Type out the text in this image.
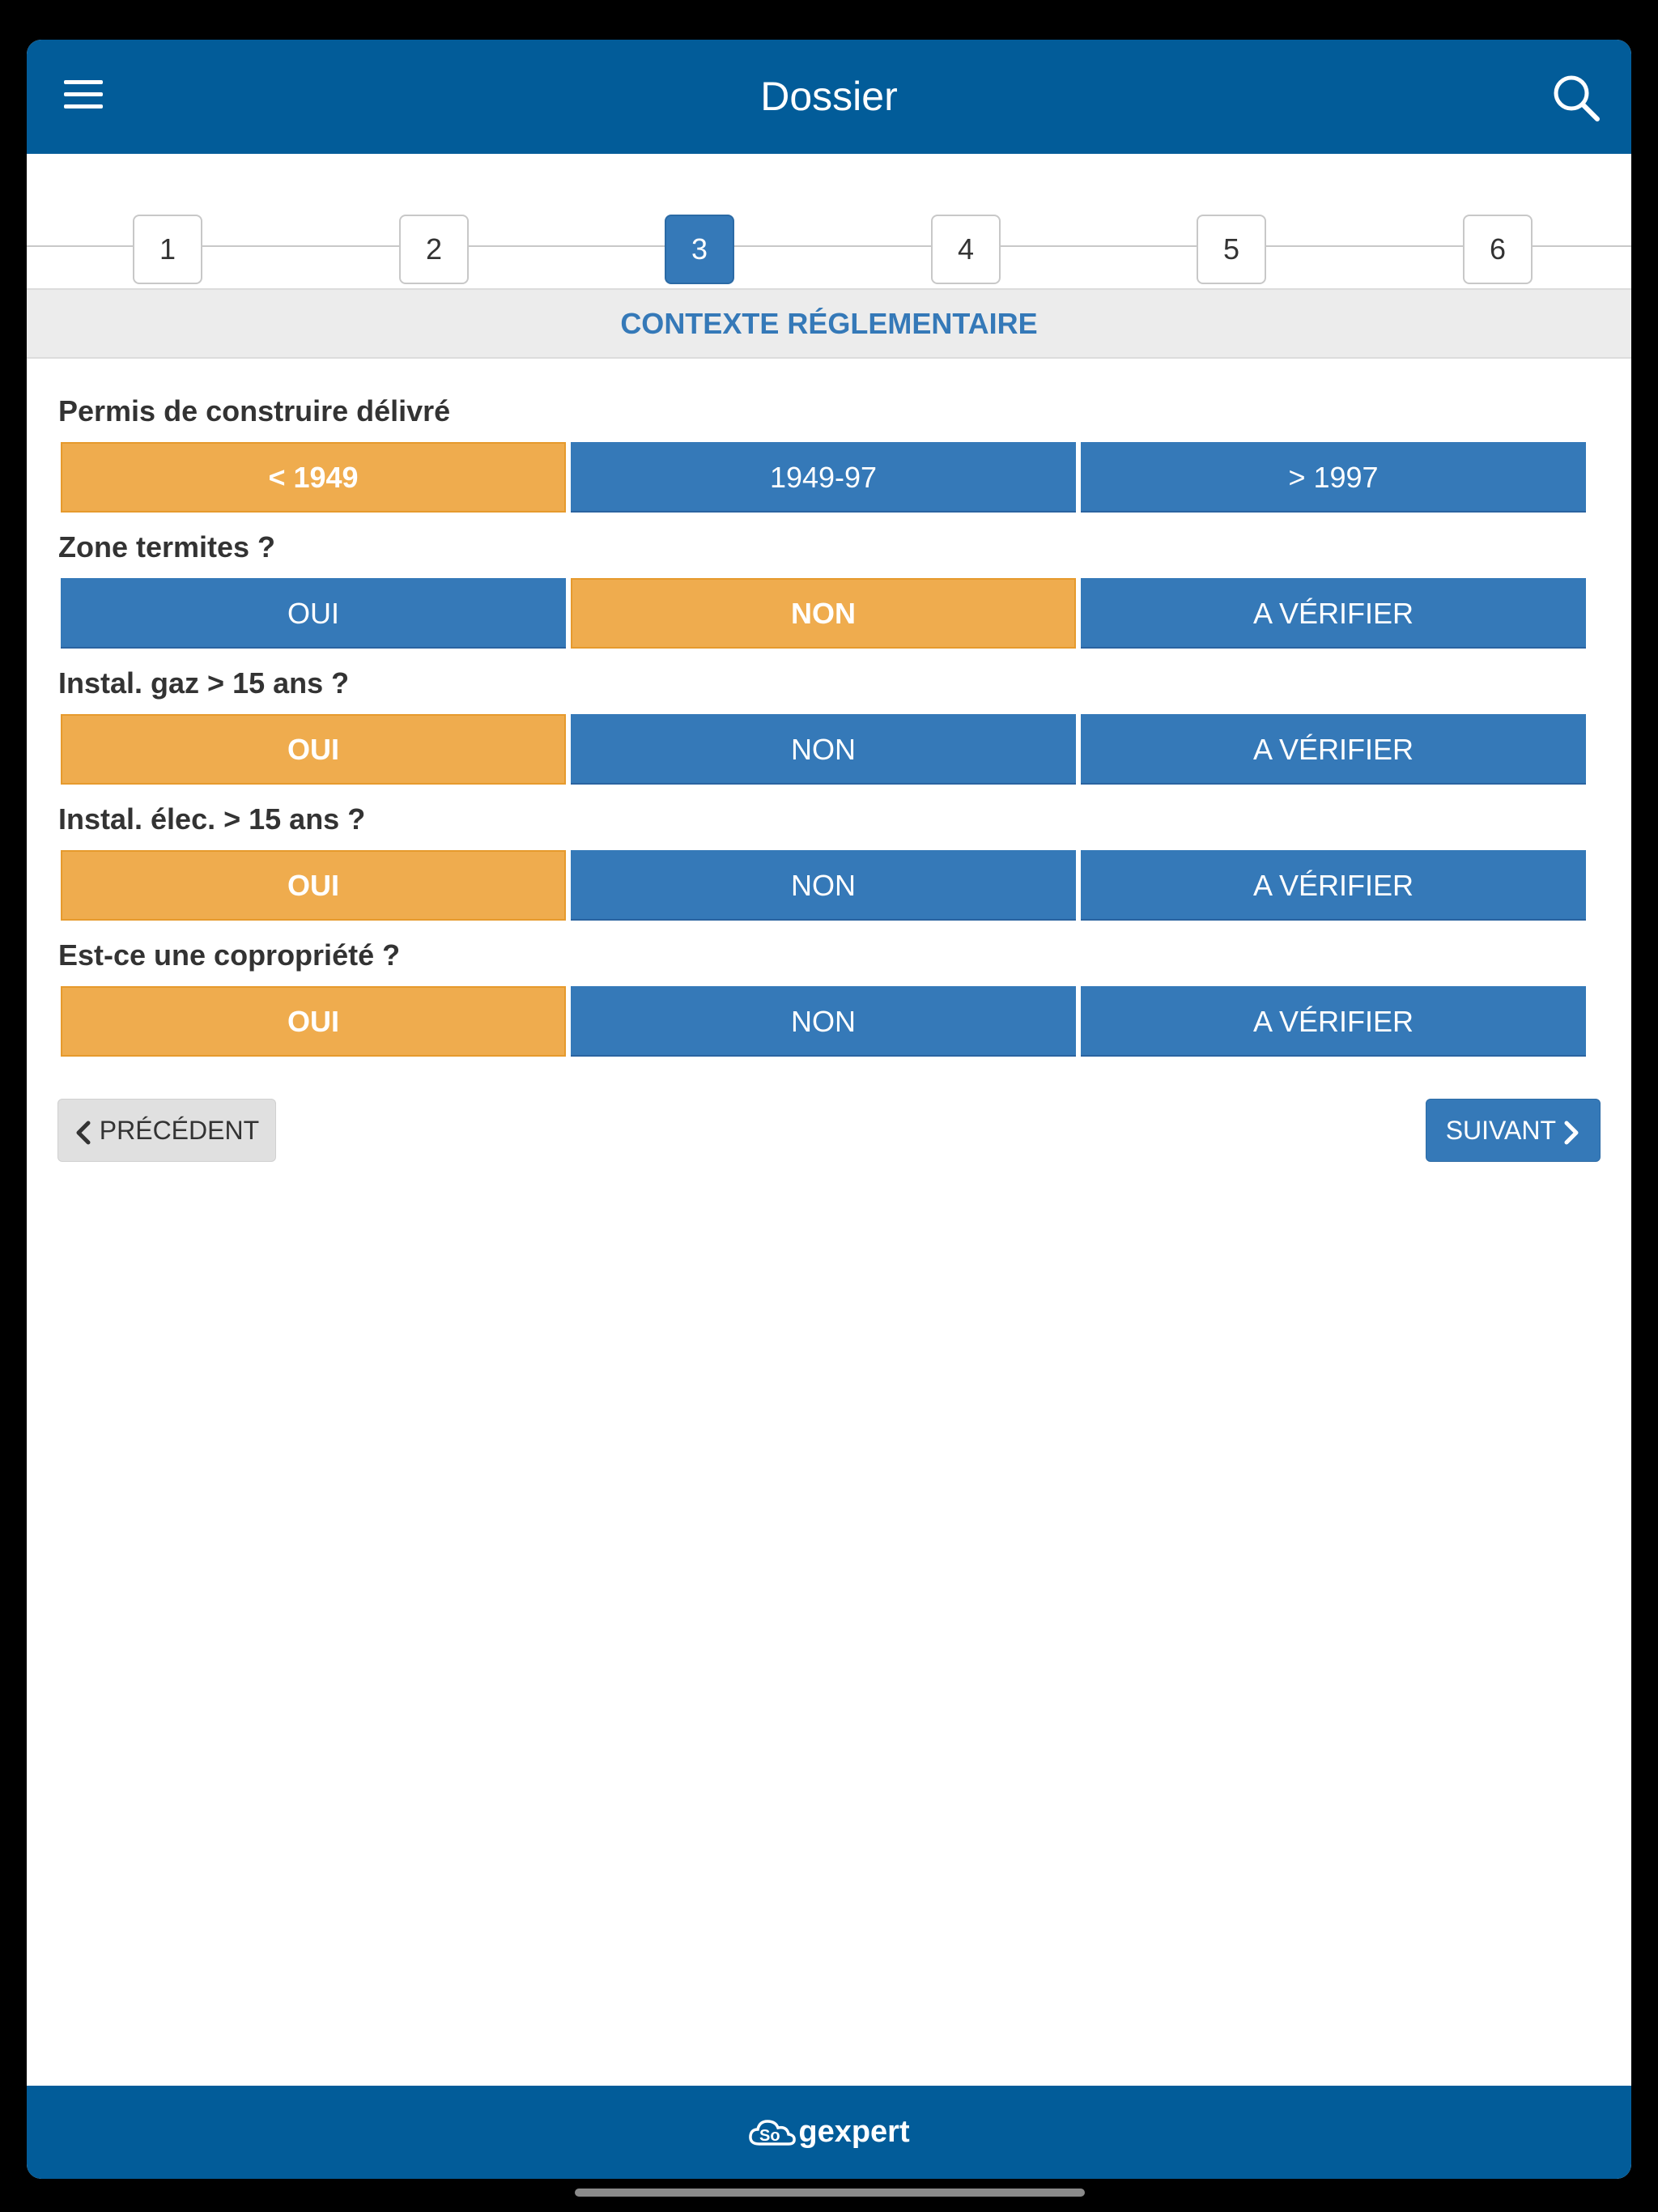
Dossier
1	2	3	4	5	6
CONTEXTE RÉGLEMENTAIRE
Permis de construire délivré
< 1949	1949-97	> 1997
Zone termites ?
OUI	NON	A VÉRIFIER
Instal. gaz > 15 ans ?
OUI	NON	A VÉRIFIER
Instal. élec. > 15 ans ?
OUI	NON	A VÉRIFIER
Est-ce une copropriété ?
OUI	NON	A VÉRIFIER
PRÉCÉDENT	SUIVANT
So gexpert
